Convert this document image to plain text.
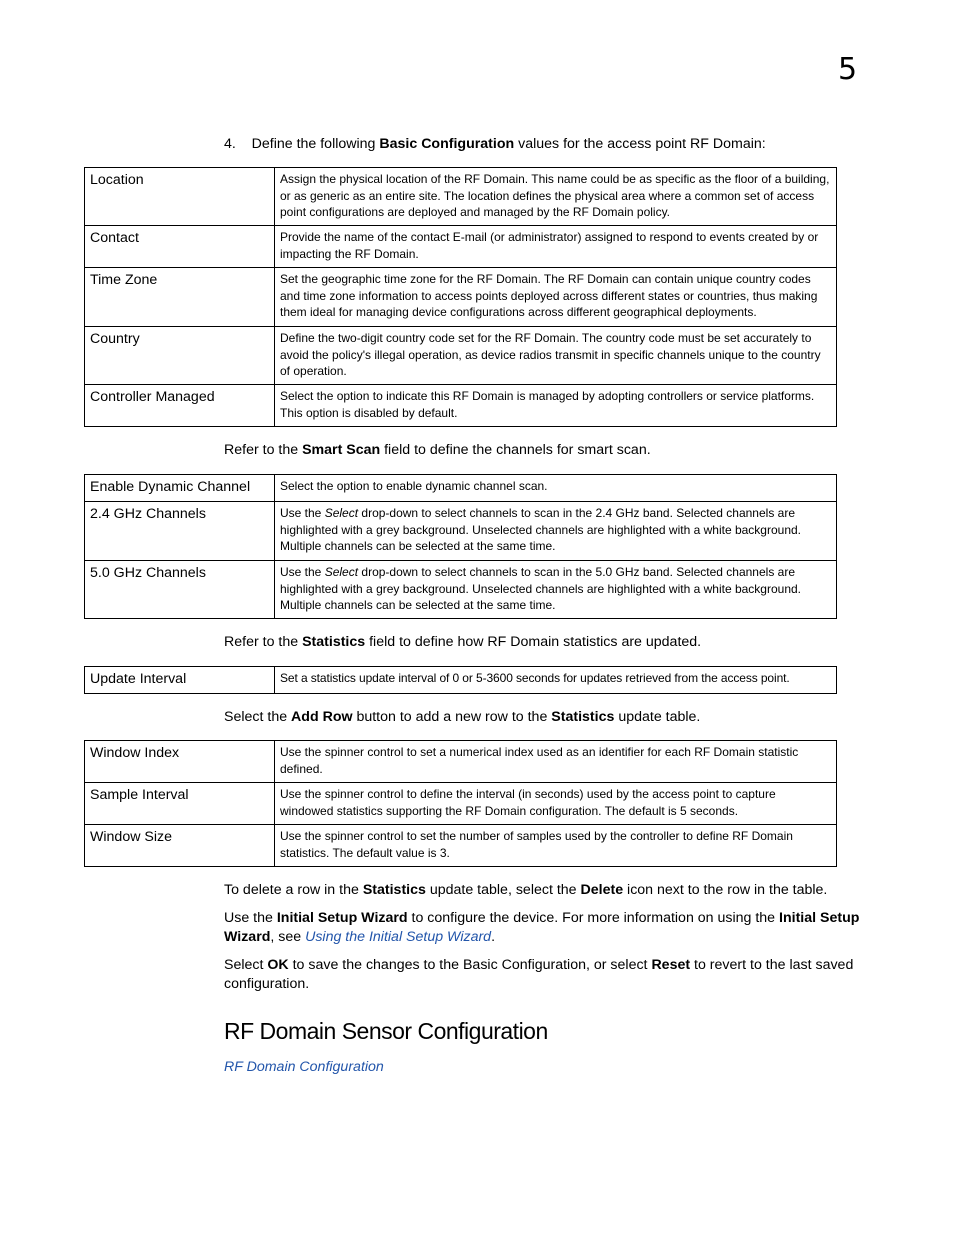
5
4. Define the following Basic Configuration values for the access point RF Domain:
Location	Assign the physical location of the RF Domain. This name could be as specific as the floor of a building, or as generic as an entire site. The location defines the physical area where a common set of access point configurations are deployed and managed by the RF Domain policy.
Contact	Provide the name of the contact E-mail (or administrator) assigned to respond to events created by or impacting the RF Domain.
Time Zone	Set the geographic time zone for the RF Domain. The RF Domain can contain unique country codes and time zone information to access points deployed across different states or countries, thus making them ideal for managing device configurations across different geographical deployments.
Country	Define the two-digit country code set for the RF Domain. The country code must be set accurately to avoid the policy's illegal operation, as device radios transmit in specific channels unique to the country of operation.
Controller Managed	Select the option to indicate this RF Domain is managed by adopting controllers or service platforms. This option is disabled by default.
Refer to the Smart Scan field to define the channels for smart scan.
Enable Dynamic Channel	Select the option to enable dynamic channel scan.
2.4 GHz Channels	Use the Select drop-down to select channels to scan in the 2.4 GHz band. Selected channels are highlighted with a grey background. Unselected channels are highlighted with a white background. Multiple channels can be selected at the same time.
5.0 GHz Channels	Use the Select drop-down to select channels to scan in the 5.0 GHz band. Selected channels are highlighted with a grey background. Unselected channels are highlighted with a white background. Multiple channels can be selected at the same time.
Refer to the Statistics field to define how RF Domain statistics are updated.
Update Interval	Set a statistics update interval of 0 or 5-3600 seconds for updates retrieved from the access point.
Select the Add Row button to add a new row to the Statistics update table.
Window Index	Use the spinner control to set a numerical index used as an identifier for each RF Domain statistic defined.
Sample Interval	Use the spinner control to define the interval (in seconds) used by the access point to capture windowed statistics supporting the RF Domain configuration. The default is 5 seconds.
Window Size	Use the spinner control to set the number of samples used by the controller to define RF Domain statistics. The default value is 3.
To delete a row in the Statistics update table, select the Delete icon next to the row in the table.
Use the Initial Setup Wizard to configure the device. For more information on using the Initial Setup Wizard, see Using the Initial Setup Wizard.
Select OK to save the changes to the Basic Configuration, or select Reset to revert to the last saved configuration.
RF Domain Sensor Configuration
RF Domain Configuration
